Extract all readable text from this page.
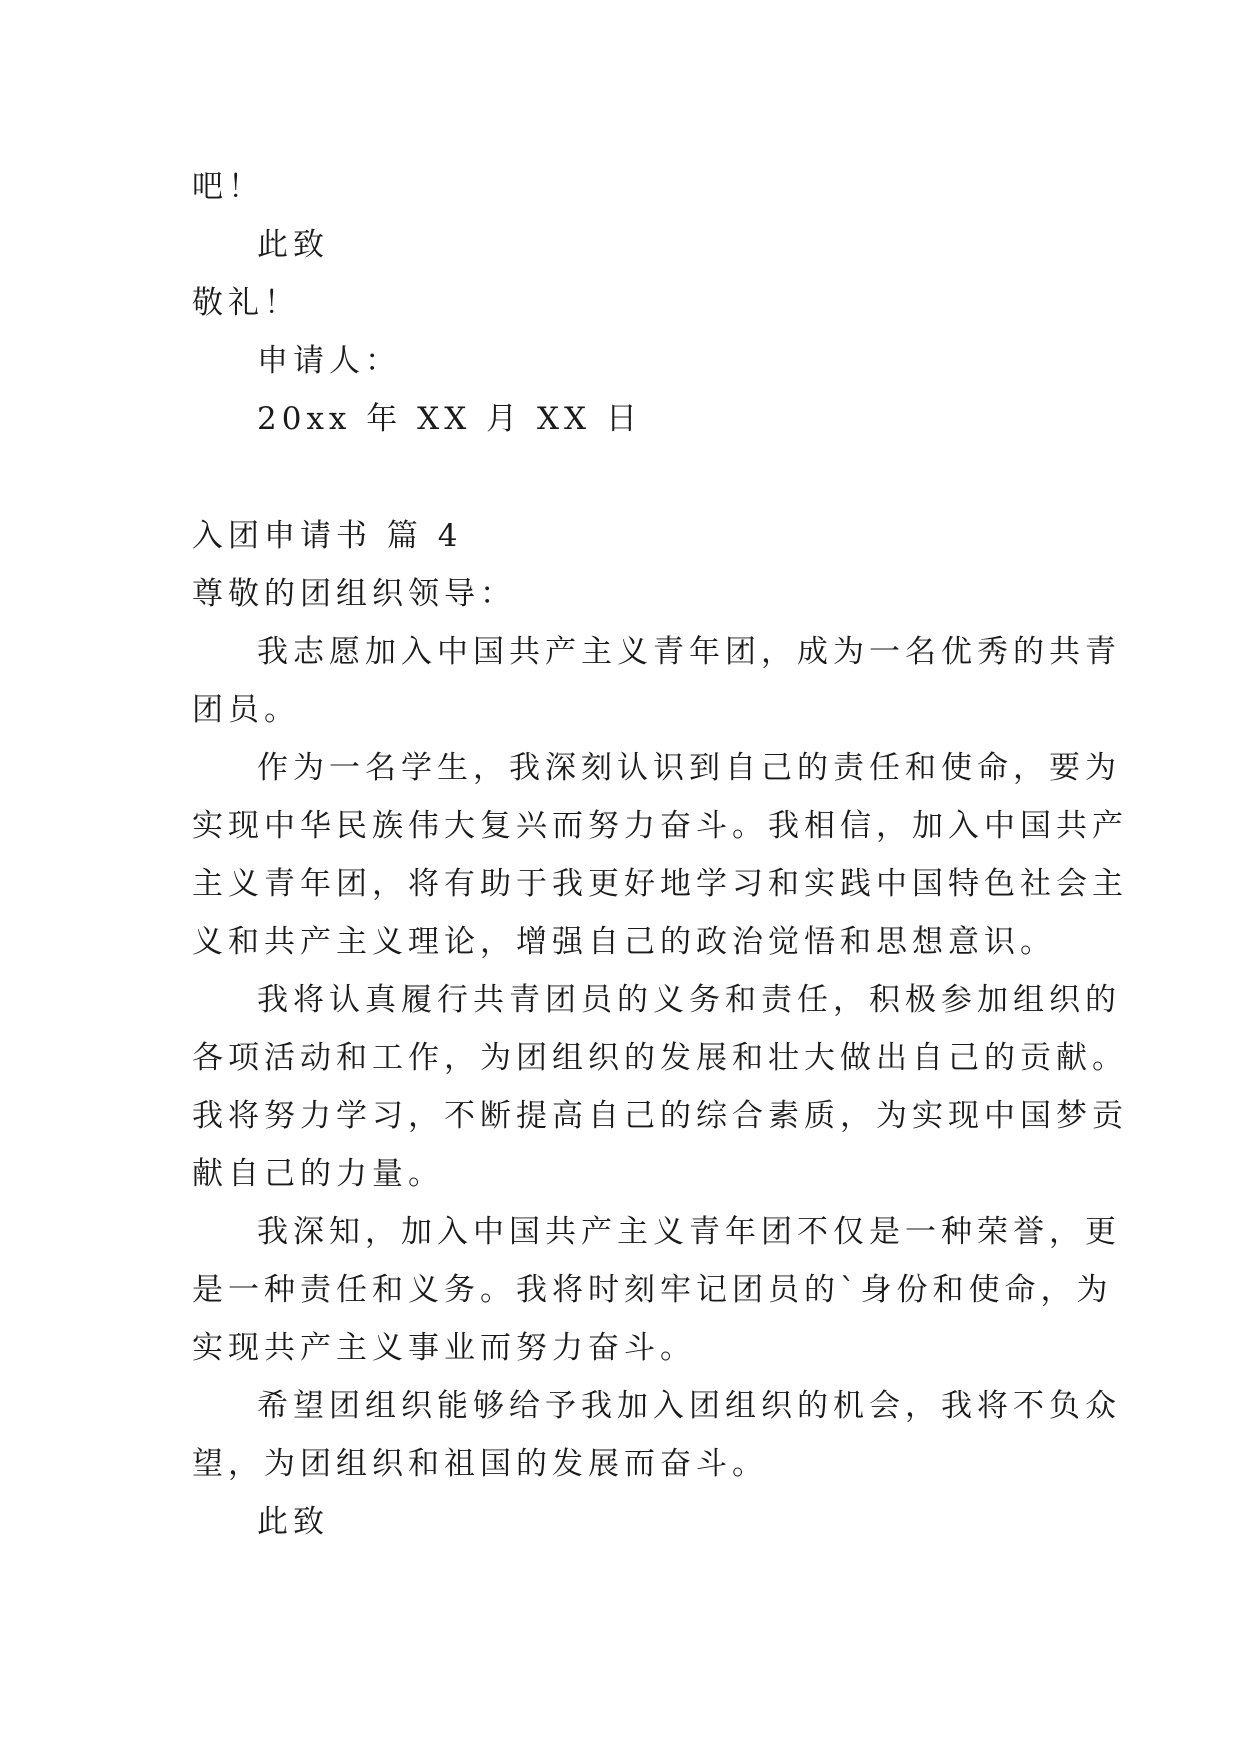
吧！
此致
敬礼！
申请人：
20xx 年 XX 月 XX 日
入团申请书 篇 4
尊敬的团组织领导：
我志愿加入中国共产主义青年团，成为一名优秀的共青
团员。
作为一名学生，我深刻认识到自己的责任和使命，要为
实现中华民族伟大复兴而努力奋斗。我相信，加入中国共产
主义青年团，将有助于我更好地学习和实践中国特色社会主
义和共产主义理论，增强自己的政治觉悟和思想意识。
我将认真履行共青团员的义务和责任，积极参加组织的
各项活动和工作，为团组织的发展和壮大做出自己的贡献。
我将努力学习，不断提高自己的综合素质，为实现中国梦贡
献自己的力量。
我深知，加入中国共产主义青年团不仅是一种荣誉，更
是一种责任和义务。我将时刻牢记团员的`身份和使命，为
实现共产主义事业而努力奋斗。
希望团组织能够给予我加入团组织的机会，我将不负众
望，为团组织和祖国的发展而奋斗。
此致
